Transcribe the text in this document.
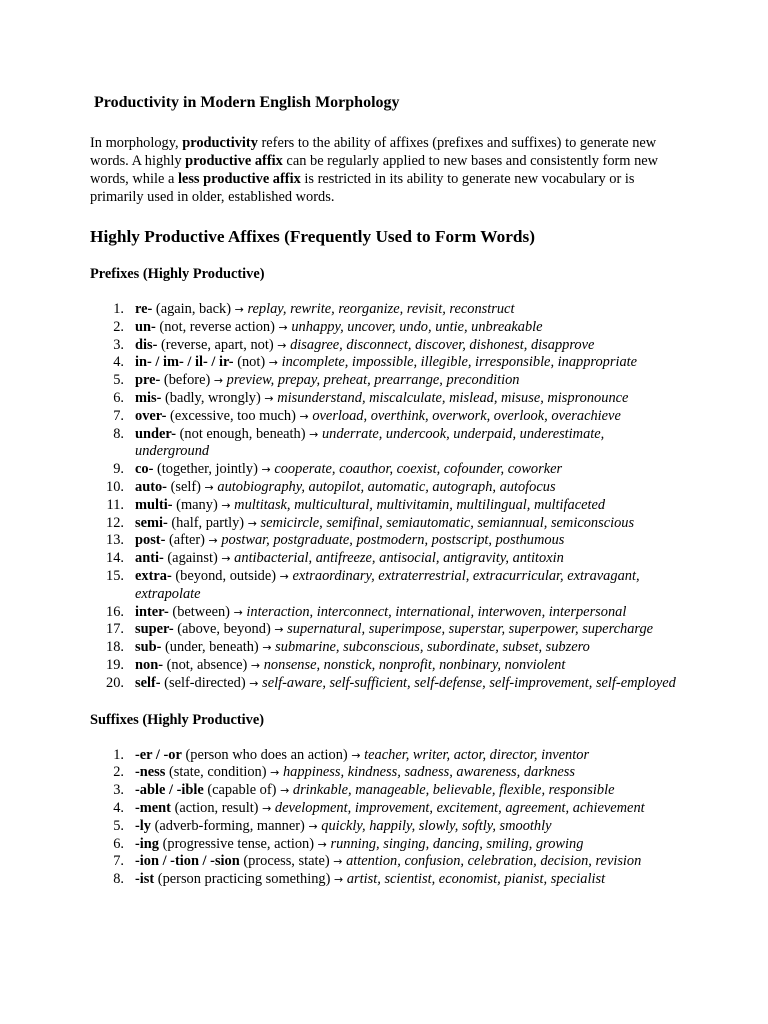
Productivity in Modern English Morphology

In morphology, productivity refers to the ability of affixes (prefixes and suffixes) to generate new words. A highly productive affix can be regularly applied to new bases and consistently form new words, while a less productive affix is restricted in its ability to generate new vocabulary or is primarily used in older, established words.

Highly Productive Affixes (Frequently Used to Form Words)
Prefixes (Highly Productive)
1. re- (again, back) → replay, rewrite, reorganize, revisit, reconstruct
2. un- (not, reverse action) → unhappy, uncover, undo, untie, unbreakable
3. dis- (reverse, apart, not) → disagree, disconnect, discover, dishonest, disapprove
4. in- / im- / il- / ir- (not) → incomplete, impossible, illegible, irresponsible, inappropriate
5. pre- (before) → preview, prepay, preheat, prearrange, precondition
6. mis- (badly, wrongly) → misunderstand, miscalculate, mislead, misuse, mispronounce
7. over- (excessive, too much) → overload, overthink, overwork, overlook, overachieve
8. under- (not enough, beneath) → underrate, undercook, underpaid, underestimate, underground
9. co- (together, jointly) → cooperate, coauthor, coexist, cofounder, coworker
10. auto- (self) → autobiography, autopilot, automatic, autograph, autofocus
11. multi- (many) → multitask, multicultural, multivitamin, multilingual, multifaceted
12. semi- (half, partly) → semicircle, semifinal, semiautomatic, semiannual, semiconscious
13. post- (after) → postwar, postgraduate, postmodern, postscript, posthumous
14. anti- (against) → antibacterial, antifreeze, antisocial, antigravity, antitoxin
15. extra- (beyond, outside) → extraordinary, extraterrestrial, extracurricular, extravagant, extrapolate
16. inter- (between) → interaction, interconnect, international, interwoven, interpersonal
17. super- (above, beyond) → supernatural, superimpose, superstar, superpower, supercharge
18. sub- (under, beneath) → submarine, subconscious, subordinate, subset, subzero
19. non- (not, absence) → nonsense, nonstick, nonprofit, nonbinary, nonviolent
20. self- (self-directed) → self-aware, self-sufficient, self-defense, self-improvement, self-employed
Suffixes (Highly Productive)
1. -er / -or (person who does an action) → teacher, writer, actor, director, inventor
2. -ness (state, condition) → happiness, kindness, sadness, awareness, darkness
3. -able / -ible (capable of) → drinkable, manageable, believable, flexible, responsible
4. -ment (action, result) → development, improvement, excitement, agreement, achievement
5. -ly (adverb-forming, manner) → quickly, happily, slowly, softly, smoothly
6. -ing (progressive tense, action) → running, singing, dancing, smiling, growing
7. -ion / -tion / -sion (process, state) → attention, confusion, celebration, decision, revision
8. -ist (person practicing something) → artist, scientist, economist, pianist, specialist
